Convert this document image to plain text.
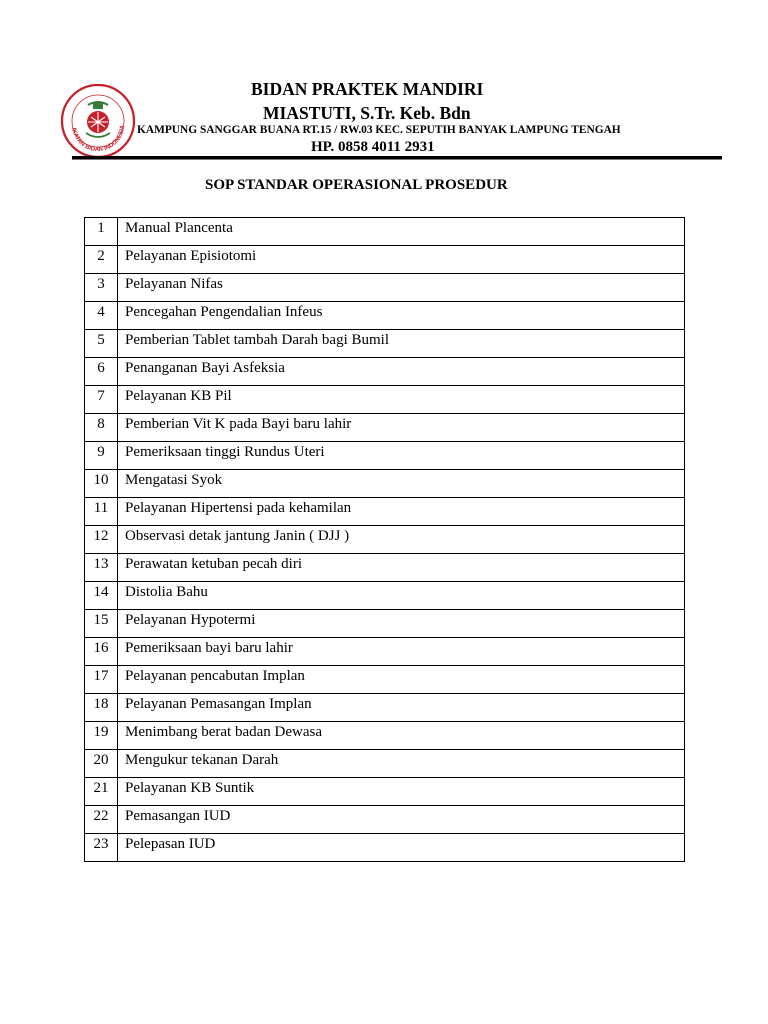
IKATAN BIDAN INDONESIA
BIDAN PRAKTEK MANDIRI
MIASTUTI, S.Tr. Keb. Bdn
KAMPUNG SANGGAR BUANA RT.15 / RW.03 KEC. SEPUTIH BANYAK LAMPUNG TENGAH
HP. 0858 4011 2931
SOP STANDAR OPERASIONAL PROSEDUR
1	Manual Plancenta
2	Pelayanan Episiotomi
3	Pelayanan Nifas
4	Pencegahan Pengendalian Infeus
5	Pemberian Tablet tambah Darah bagi Bumil
6	Penanganan Bayi Asfeksia
7	Pelayanan KB Pil
8	Pemberian Vit K pada Bayi baru lahir
9	Pemeriksaan tinggi Rundus Uteri
10	Mengatasi Syok
11	Pelayanan Hipertensi pada kehamilan
12	Observasi detak jantung Janin ( DJJ )
13	Perawatan ketuban pecah diri
14	Distolia Bahu
15	Pelayanan Hypotermi
16	Pemeriksaan bayi baru lahir
17	Pelayanan pencabutan Implan
18	Pelayanan Pemasangan Implan
19	Menimbang berat badan Dewasa
20	Mengukur tekanan Darah
21	Pelayanan KB Suntik
22	Pemasangan IUD
23	Pelepasan IUD
